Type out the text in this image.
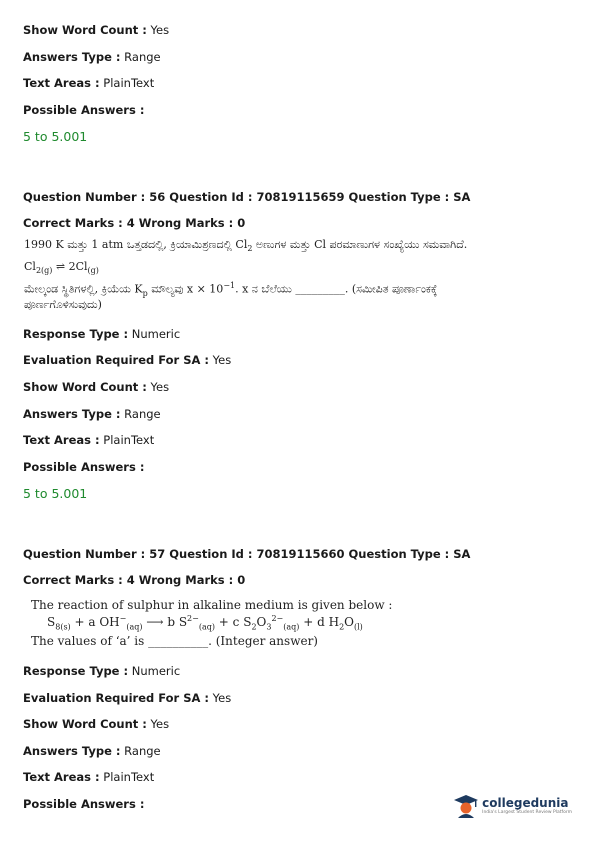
Show Word Count : Yes
Answers Type : Range
Text Areas : PlainText
Possible Answers :
5 to 5.001
Question Number : 56 Question Id : 70819115659 Question Type : SA
Correct Marks : 4 Wrong Marks : 0
1990 K ಮತ್ತು 1 atm ಒತ್ತಡದಲ್ಲಿ, ಕ್ರಿಯಾಮಿಶ್ರಣದಲ್ಲಿ $Cl_2$ ಅಣುಗಳ ಮತ್ತು Cl ಪರಮಾಣುಗಳ ಸಂಖ್ಯೆಯು ಸಮವಾಗಿದೆ.
$Cl_{2(g)}$ ⇌ $2Cl_{(g)}$
ಮೇಲ್ಕಂಡ ಸ್ಥಿತಿಗಳಲ್ಲಿ, ಕ್ರಿಯೆಯ $K_p$ ಮೌಲ್ಯವು $x \times 10^{-1}$. x ನ ಬೆಲೆಯು _________. (ಸಮೀಪಿತ ಪೂರ್ಣಾಂಕಕ್ಕೆ
ಪೂರ್ಣಗೊಳಿಸುವುದು)
Response Type : Numeric
Evaluation Required For SA : Yes
Show Word Count : Yes
Answers Type : Range
Text Areas : PlainText
Possible Answers :
5 to 5.001
Question Number : 57 Question Id : 70819115660 Question Type : SA
Correct Marks : 4 Wrong Marks : 0
The reaction of sulphur in alkaline medium is given below :
$S_{8(s)} + a$ $OH^-_{(aq)}$ ⟶ b $S^{2-}_{(aq)} + c$ $S_2O_3^{2-}_{(aq)} + d$ $H_2O_{(l)}$
The values of ‘a’ is __________. (Integer answer)
Response Type : Numeric
Evaluation Required For SA : Yes
Show Word Count : Yes
Answers Type : Range
Text Areas : PlainText
Possible Answers :	collegedunia
India's Largest Student Review Platform
